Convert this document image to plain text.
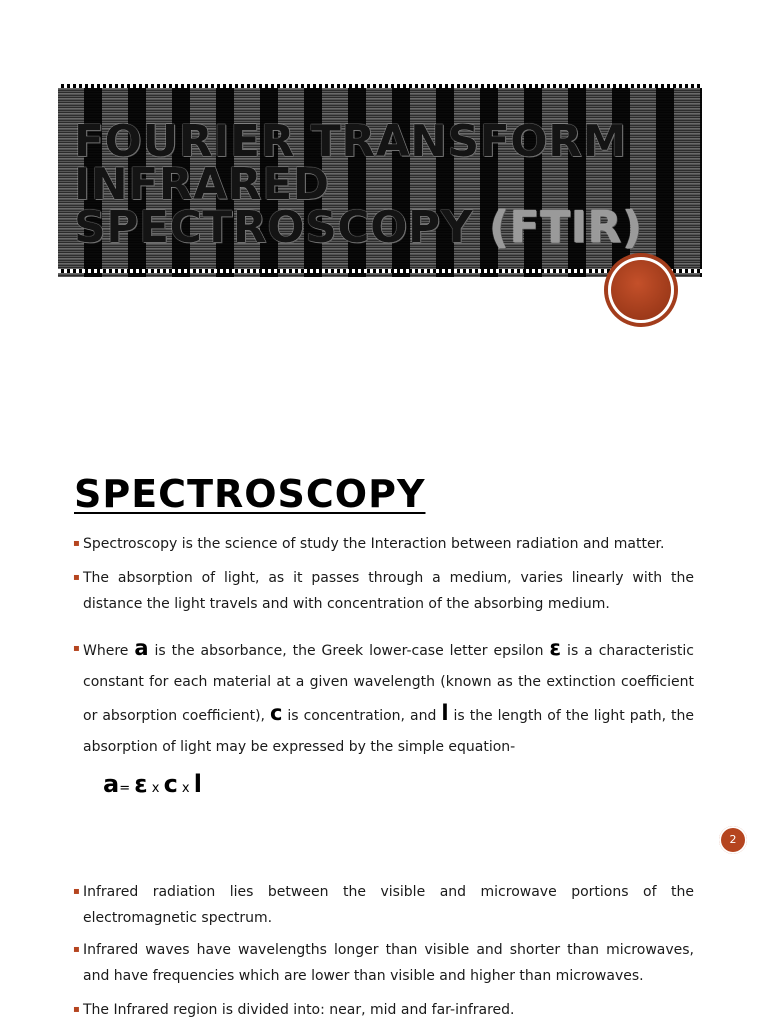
FOURIER TRANSFORM
INFRARED
SPECTROSCOPY (FTIR)
SPECTROSCOPY
▪ Spectroscopy is the science of study the Interaction between radiation and matter.
▪ The absorption of light, as it passes through a medium, varies linearly with the distance the light travels and with concentration of the absorbing medium.
▪ Where a is the absorbance, the Greek lower-case letter epsilon ε is a characteristic constant for each material at a given wavelength (known as the extinction coefficient or absorption coefficient), c is concentration, and l is the length of the light path, the absorption of light may be expressed by the simple equation-
a= ε x c x l
2
▪ Infrared radiation lies between the visible and microwave portions of the electromagnetic spectrum.
▪ Infrared waves have wavelengths longer than visible and shorter than microwaves, and have frequencies which are lower than visible and higher than microwaves.
▪ The Infrared region is divided into: near, mid and far-infrared.
